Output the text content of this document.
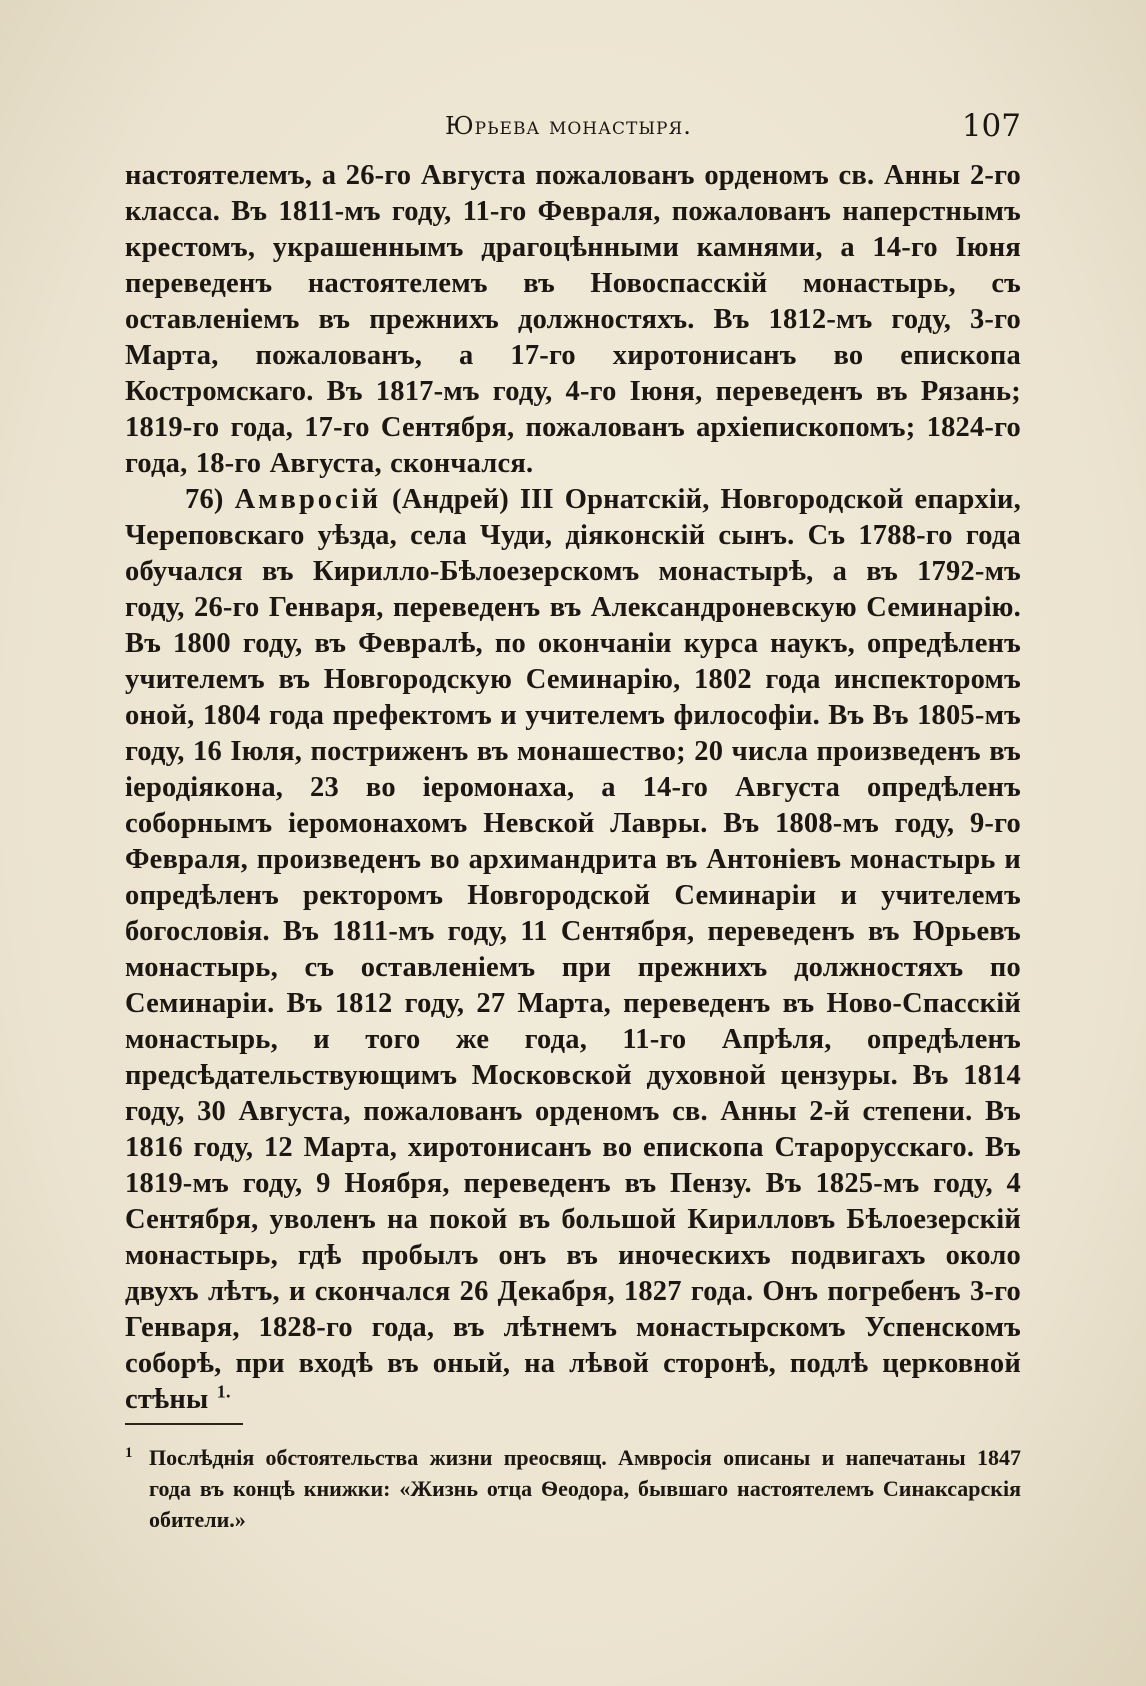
Юрьева монастыря.	107

настоятелемъ, а 26-го Августа пожалованъ орденомъ св. Анны 2-го класса. Въ 1811-мъ году, 11-го Февраля, пожалованъ наперстнымъ крестомъ, украшеннымъ драгоцѣнными камнями, а 14-го Іюня переведенъ настоятелемъ въ Новоспасскій монастырь, съ оставленіемъ въ прежнихъ должностяхъ. Въ 1812-мъ году, 3-го Марта, пожалованъ, а 17-го хиротонисанъ во епископа Костромскаго. Въ 1817-мъ году, 4-го Іюня, переведенъ въ Рязань; 1819-го года, 17-го Сентября, пожалованъ архіепископомъ; 1824-го года, 18-го Августа, скончался.

76) Амвросій (Андрей) III Орнатскій, Новгородской епархіи, Череповскаго уѣзда, села Чуди, діяконскій сынъ. Съ 1788-го года обучался въ Кирилло-Бѣлоезерскомъ монастырѣ, а въ 1792-мъ году, 26-го Генваря, переведенъ въ Александроневскую Семинарію. Въ 1800 году, въ Февралѣ, по окончаніи курса наукъ, опредѣленъ учителемъ въ Новгородскую Семинарію, 1802 года инспекторомъ оной, 1804 года префектомъ и учителемъ философіи. Въ Въ 1805-мъ году, 16 Іюля, постриженъ въ монашество; 20 числа произведенъ въ іеродіякона, 23 во іеромонаха, а 14-го Августа опредѣленъ соборнымъ іеромонахомъ Невской Лавры. Въ 1808-мъ году, 9-го Февраля, произведенъ во архимандрита въ Антоніевъ монастырь и опредѣленъ ректоромъ Новгородской Семинаріи и учителемъ богословія. Въ 1811-мъ году, 11 Сентября, переведенъ въ Юрьевъ монастырь, съ оставленіемъ при прежнихъ должностяхъ по Семинаріи. Въ 1812 году, 27 Марта, переведенъ въ Ново-Спасскій монастырь, и того же года, 11-го Апрѣля, опредѣленъ предсѣдательствующимъ Московской духовной цензуры. Въ 1814 году, 30 Августа, пожалованъ орденомъ св. Анны 2-й степени. Въ 1816 году, 12 Марта, хиротонисанъ во епископа Старорусскаго. Въ 1819-мъ году, 9 Ноября, переведенъ въ Пензу. Въ 1825-мъ году, 4 Сентября, уволенъ на покой въ большой Кирилловъ Бѣлоезерскій монастырь, гдѣ пробылъ онъ въ иноческихъ подвигахъ около двухъ лѣтъ, и скончался 26 Декабря, 1827 года. Онъ погребенъ 3-го Генваря, 1828-го года, въ лѣтнемъ монастырскомъ Успенскомъ соборѣ, при входѣ въ оный, на лѣвой сторонѣ, подлѣ церковной стѣны $^{1.}$

1 Послѣднія обстоятельства жизни преосвящ. Амвросія описаны и напечатаны 1847 года въ концѣ книжки: «Жизнь отца Ѳеодора, бывшаго настоятелемъ Синаксарскія обители.»
